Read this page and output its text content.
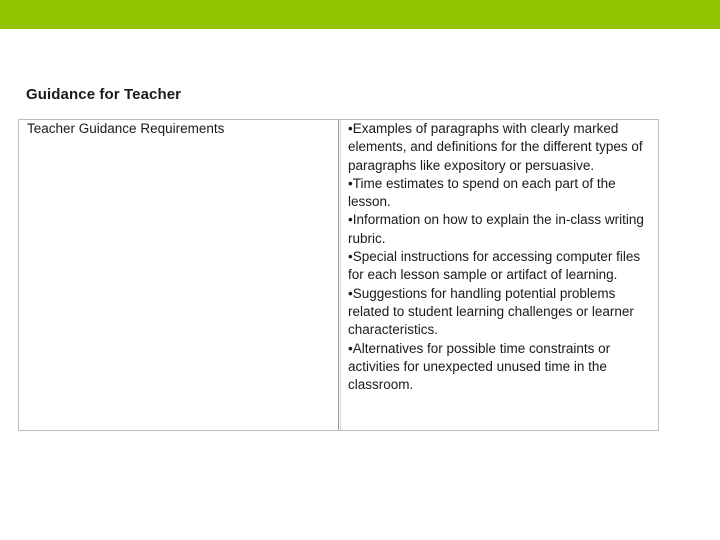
Guidance for Teacher
Teacher Guidance Requirements	•Examples of paragraphs with clearly marked elements, and definitions for the different types of paragraphs like expository or persuasive.
•Time estimates to spend on each part of the lesson.
•Information on how to explain the in-class writing rubric.
•Special instructions for accessing computer files for each lesson sample or artifact of learning.
•Suggestions for handling potential problems related to student learning challenges or learner characteristics.
•Alternatives for possible time constraints or activities for unexpected unused time in the classroom.
